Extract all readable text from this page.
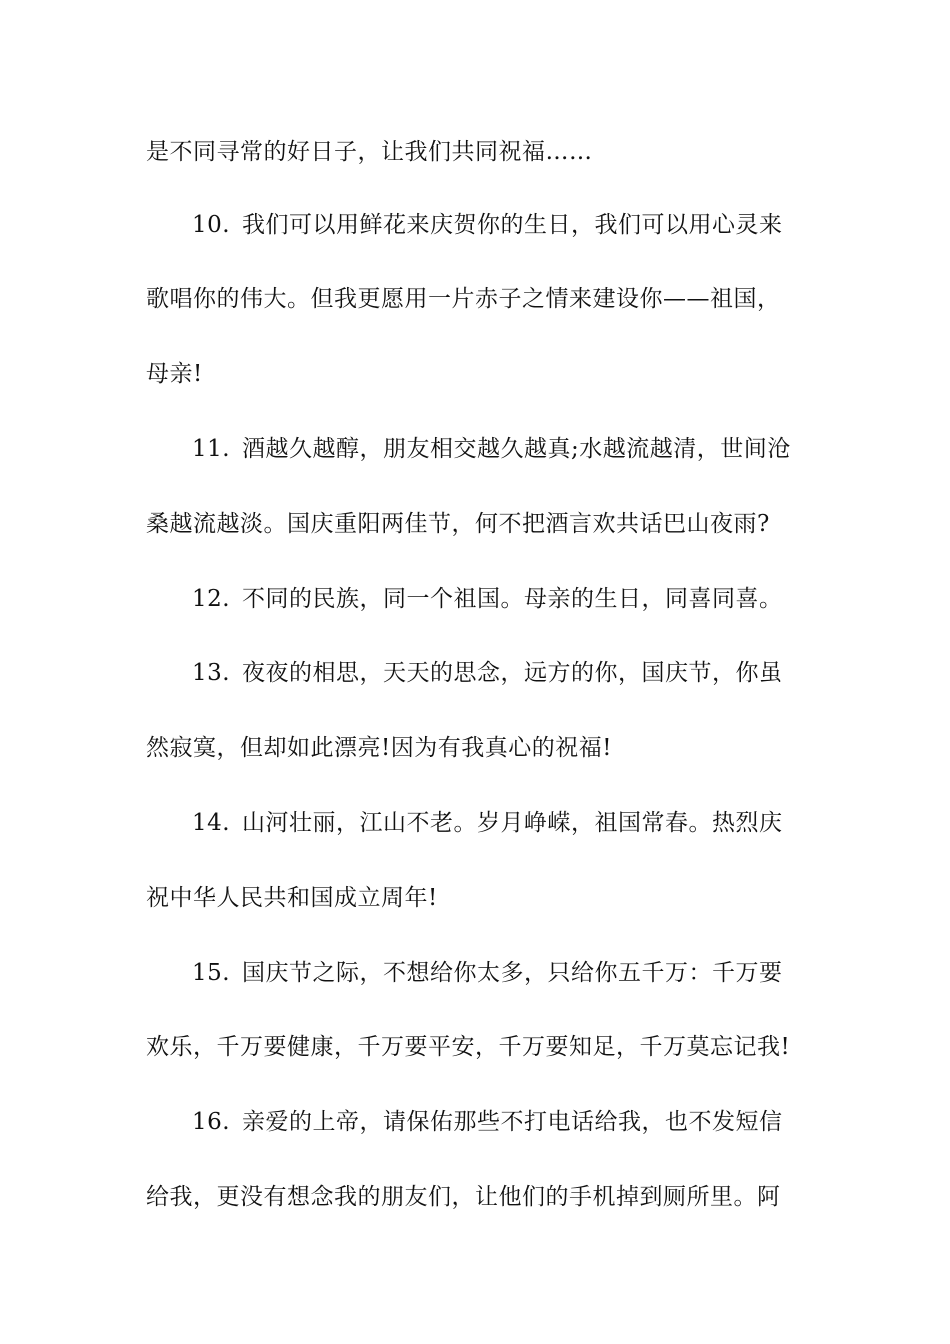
是不同寻常的好日子，让我们共同祝福……
10. 我们可以用鲜花来庆贺你的生日，我们可以用心灵来
歌唱你的伟大。但我更愿用一片赤子之情来建设你——祖国，
母亲!
11. 酒越久越醇，朋友相交越久越真;水越流越清，世间沧
桑越流越淡。国庆重阳两佳节，何不把酒言欢共话巴山夜雨?
12. 不同的民族，同一个祖国。母亲的生日，同喜同喜。
13. 夜夜的相思，天天的思念，远方的你，国庆节，你虽
然寂寞，但却如此漂亮!因为有我真心的祝福!
14. 山河壮丽，江山不老。岁月峥嵘，祖国常春。热烈庆
祝中华人民共和国成立周年!
15. 国庆节之际，不想给你太多，只给你五千万：千万要
欢乐，千万要健康，千万要平安，千万要知足，千万莫忘记我!
16. 亲爱的上帝，请保佑那些不打电话给我，也不发短信
给我，更没有想念我的朋友们，让他们的手机掉到厕所里。阿
